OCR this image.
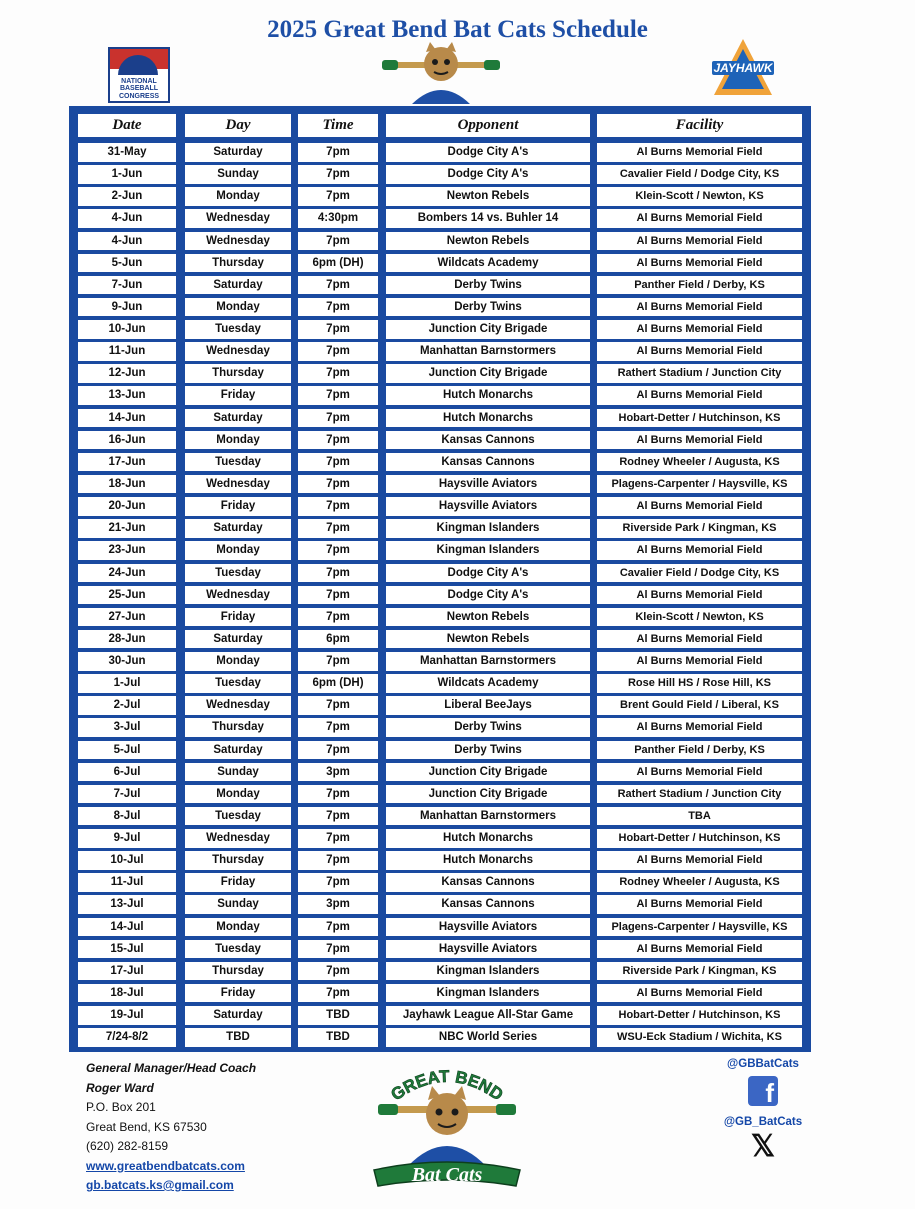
2025 Great Bend Bat Cats Schedule
NATIONAL BASEBALL CONGRESS
JAYHAWK
Date	Day	Time	Opponent	Facility
31-May	Saturday	7pm	Dodge City A's	Al Burns Memorial Field
1-Jun	Sunday	7pm	Dodge City A's	Cavalier Field / Dodge City, KS
2-Jun	Monday	7pm	Newton Rebels	Klein-Scott / Newton, KS
4-Jun	Wednesday	4:30pm	Bombers 14 vs. Buhler 14	Al Burns Memorial Field
4-Jun	Wednesday	7pm	Newton Rebels	Al Burns Memorial Field
5-Jun	Thursday	6pm (DH)	Wildcats Academy	Al Burns Memorial Field
7-Jun	Saturday	7pm	Derby Twins	Panther Field / Derby, KS
9-Jun	Monday	7pm	Derby Twins	Al Burns Memorial Field
10-Jun	Tuesday	7pm	Junction City Brigade	Al Burns Memorial Field
11-Jun	Wednesday	7pm	Manhattan Barnstormers	Al Burns Memorial Field
12-Jun	Thursday	7pm	Junction City Brigade	Rathert Stadium / Junction City
13-Jun	Friday	7pm	Hutch Monarchs	Al Burns Memorial Field
14-Jun	Saturday	7pm	Hutch Monarchs	Hobart-Detter / Hutchinson, KS
16-Jun	Monday	7pm	Kansas Cannons	Al Burns Memorial Field
17-Jun	Tuesday	7pm	Kansas Cannons	Rodney Wheeler / Augusta, KS
18-Jun	Wednesday	7pm	Haysville Aviators	Plagens-Carpenter / Haysville, KS
20-Jun	Friday	7pm	Haysville Aviators	Al Burns Memorial Field
21-Jun	Saturday	7pm	Kingman Islanders	Riverside Park / Kingman, KS
23-Jun	Monday	7pm	Kingman Islanders	Al Burns Memorial Field
24-Jun	Tuesday	7pm	Dodge City A's	Cavalier Field / Dodge City, KS
25-Jun	Wednesday	7pm	Dodge City A's	Al Burns Memorial Field
27-Jun	Friday	7pm	Newton Rebels	Klein-Scott / Newton, KS
28-Jun	Saturday	6pm	Newton Rebels	Al Burns Memorial Field
30-Jun	Monday	7pm	Manhattan Barnstormers	Al Burns Memorial Field
1-Jul	Tuesday	6pm (DH)	Wildcats Academy	Rose Hill HS / Rose Hill, KS
2-Jul	Wednesday	7pm	Liberal BeeJays	Brent Gould Field / Liberal, KS
3-Jul	Thursday	7pm	Derby Twins	Al Burns Memorial Field
5-Jul	Saturday	7pm	Derby Twins	Panther Field / Derby, KS
6-Jul	Sunday	3pm	Junction City Brigade	Al Burns Memorial Field
7-Jul	Monday	7pm	Junction City Brigade	Rathert Stadium / Junction City
8-Jul	Tuesday	7pm	Manhattan Barnstormers	TBA
9-Jul	Wednesday	7pm	Hutch Monarchs	Hobart-Detter / Hutchinson, KS
10-Jul	Thursday	7pm	Hutch Monarchs	Al Burns Memorial Field
11-Jul	Friday	7pm	Kansas Cannons	Rodney Wheeler / Augusta, KS
13-Jul	Sunday	3pm	Kansas Cannons	Al Burns Memorial Field
14-Jul	Monday	7pm	Haysville Aviators	Plagens-Carpenter / Haysville, KS
15-Jul	Tuesday	7pm	Haysville Aviators	Al Burns Memorial Field
17-Jul	Thursday	7pm	Kingman Islanders	Riverside Park / Kingman, KS
18-Jul	Friday	7pm	Kingman Islanders	Al Burns Memorial Field
19-Jul	Saturday	TBD	Jayhawk League All-Star Game	Hobart-Detter / Hutchinson, KS
7/24-8/2	TBD	TBD	NBC World Series	WSU-Eck Stadium / Wichita, KS
General Manager/Head Coach
Roger Ward
P.O. Box 201
Great Bend, KS 67530
(620) 282-8159
www.greatbendbatcats.com
gb.batcats.ks@gmail.com
GREAT BEND
Bat Cats
@GBBatCats
f
@GB_BatCats
𝕏
